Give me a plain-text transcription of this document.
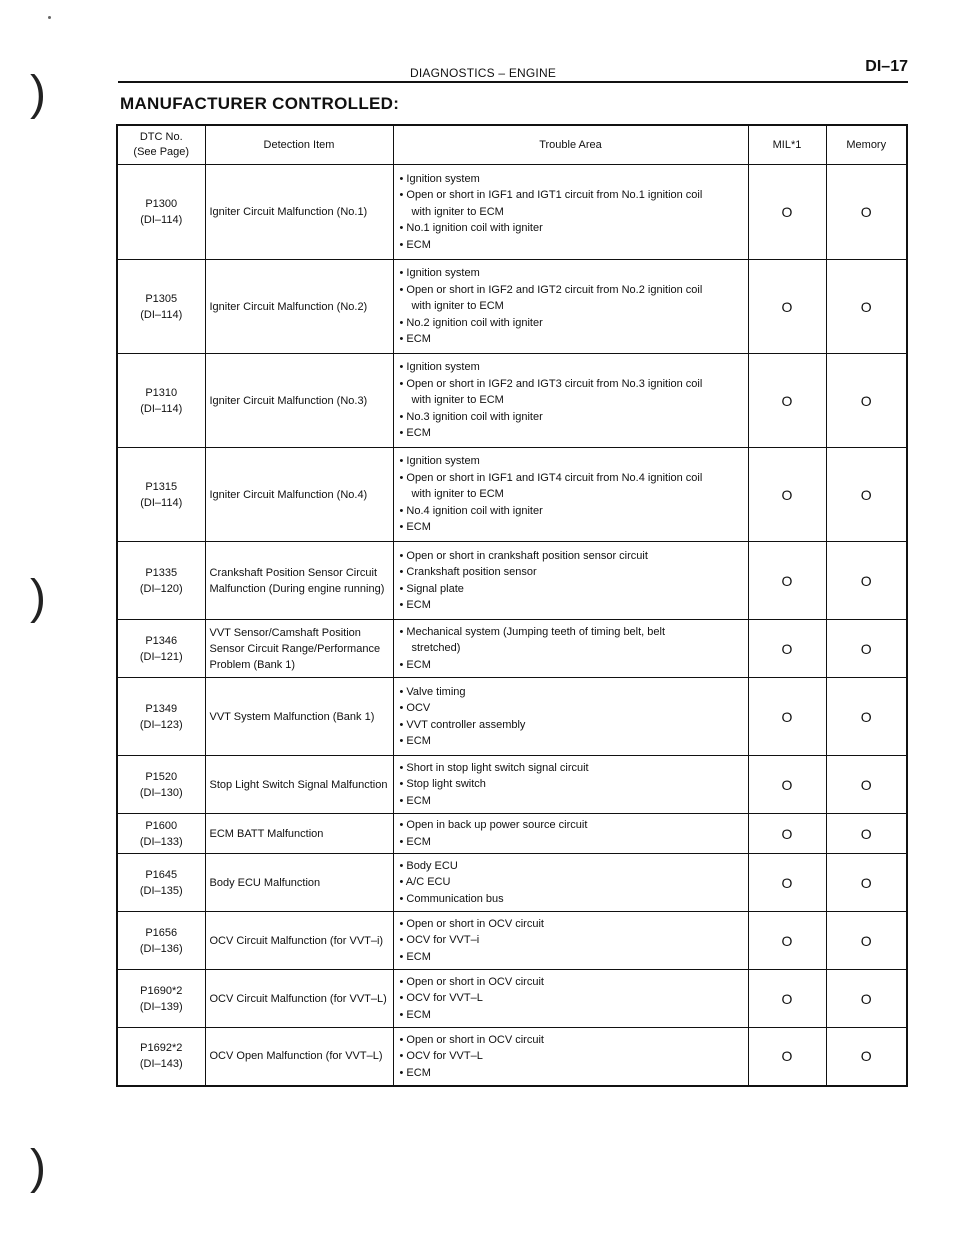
)
)
)
DIAGNOSTICS – ENGINE	DI–17
MANUFACTURER CONTROLLED:
DTC No.
(See Page)	Detection Item	Trouble Area	MIL*1	Memory
P1300
(DI–114)	Igniter Circuit Malfunction (No.1)	• Ignition system
• Open or short in IGF1 and IGT1 circuit from No.1 ignition coil
with igniter to ECM
• No.1 ignition coil with igniter
• ECM	O	O
P1305
(DI–114)	Igniter Circuit Malfunction (No.2)	• Ignition system
• Open or short in IGF2 and IGT2 circuit from No.2 ignition coil
with igniter to ECM
• No.2 ignition coil with igniter
• ECM	O	O
P1310
(DI–114)	Igniter Circuit Malfunction (No.3)	• Ignition system
• Open or short in IGF2 and IGT3 circuit from No.3 ignition coil
with igniter to ECM
• No.3 ignition coil with igniter
• ECM	O	O
P1315
(DI–114)	Igniter Circuit Malfunction (No.4)	• Ignition system
• Open or short in IGF1 and IGT4 circuit from No.4 ignition coil
with igniter to ECM
• No.4 ignition coil with igniter
• ECM	O	O
P1335
(DI–120)	Crankshaft Position Sensor Circuit Malfunction (During engine running)	• Open or short in crankshaft position sensor circuit
• Crankshaft position sensor
• Signal plate
• ECM	O	O
P1346
(DI–121)	VVT Sensor/Camshaft Position Sensor Circuit Range/Performance Problem (Bank 1)	• Mechanical system (Jumping teeth of timing belt, belt
stretched)
• ECM	O	O
P1349
(DI–123)	VVT System Malfunction (Bank 1)	• Valve timing
• OCV
• VVT controller assembly
• ECM	O	O
P1520
(DI–130)	Stop Light Switch Signal Malfunction	• Short in stop light switch signal circuit
• Stop light switch
• ECM	O	O
P1600
(DI–133)	ECM BATT Malfunction	• Open in back up power source circuit
• ECM	O	O
P1645
(DI–135)	Body ECU Malfunction	• Body ECU
• A/C ECU
• Communication bus	O	O
P1656
(DI–136)	OCV Circuit Malfunction (for VVT–i)	• Open or short in OCV circuit
• OCV for VVT–i
• ECM	O	O
P1690*2
(DI–139)	OCV Circuit Malfunction (for VVT–L)	• Open or short in OCV circuit
• OCV for VVT–L
• ECM	O	O
P1692*2
(DI–143)	OCV Open Malfunction (for VVT–L)	• Open or short in OCV circuit
• OCV for VVT–L
• ECM	O	O
